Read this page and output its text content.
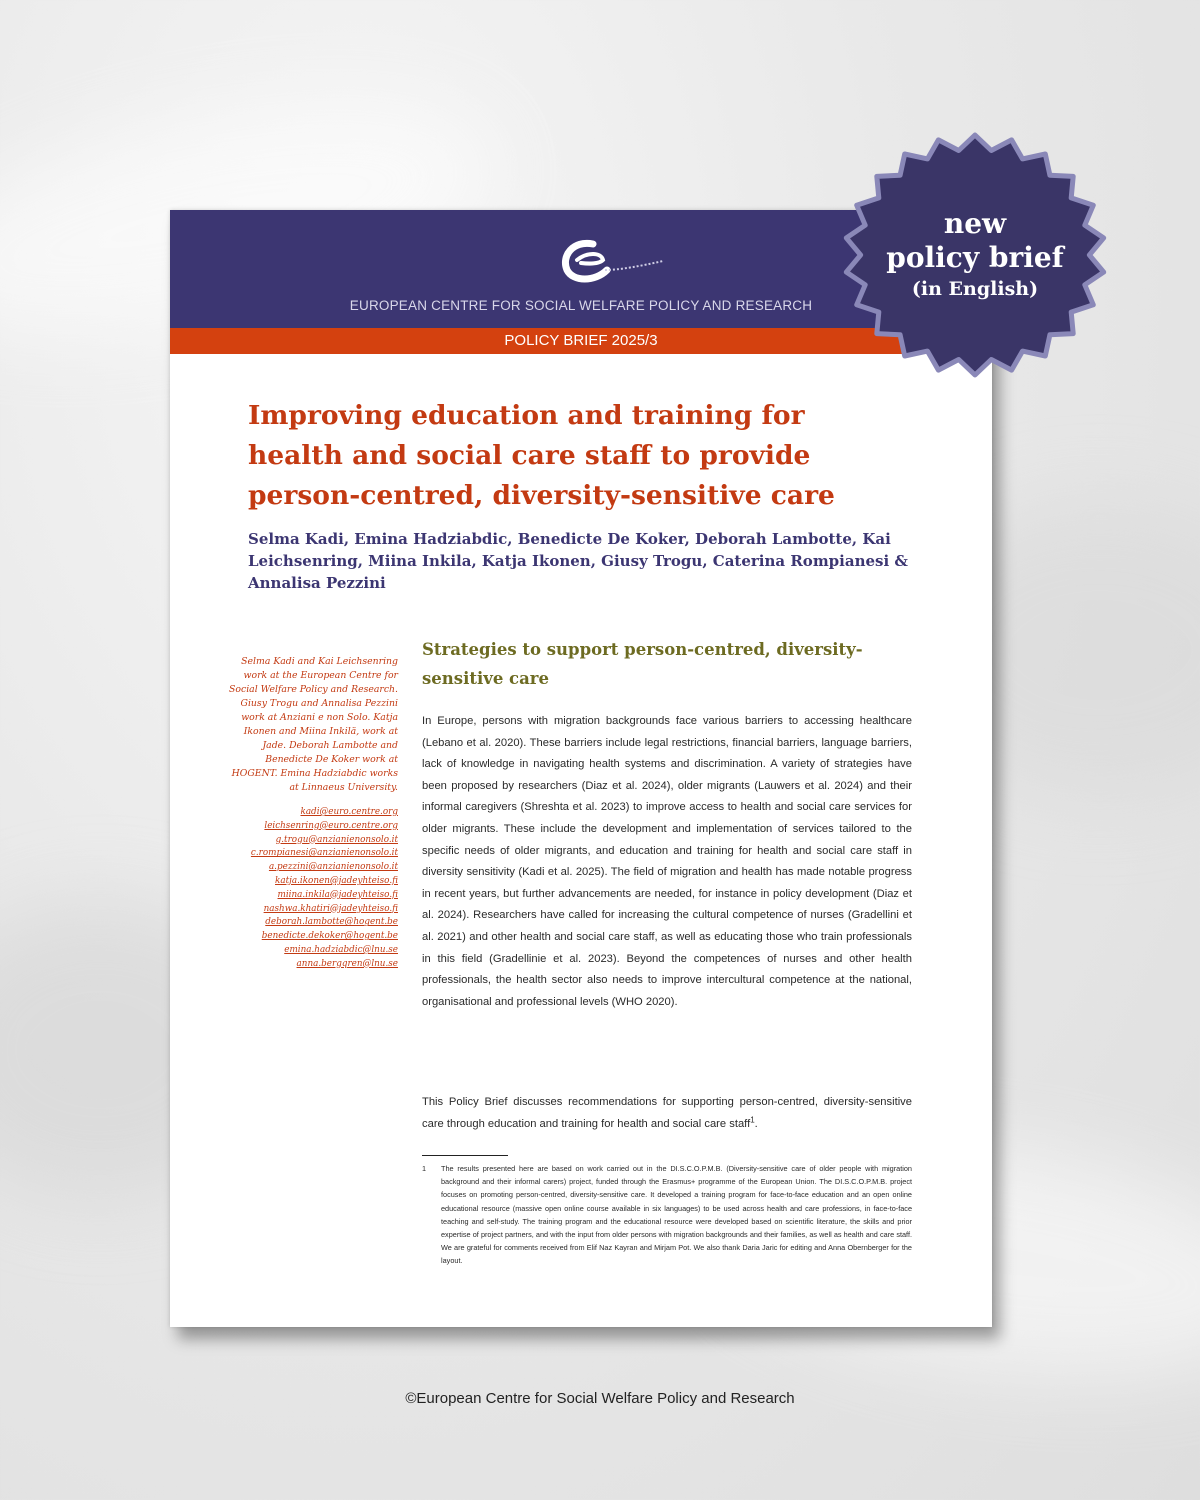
EUROPEAN CENTRE FOR SOCIAL WELFARE POLICY AND RESEARCH
POLICY BRIEF 2025/3
Improving education and training for health and social care staff to provide person-centred, diversity-sensitive care

Selma Kadi, Emina Hadziabdic, Benedicte De Koker, Deborah Lambotte, Kai Leichsenring, Miina Inkila, Katja Ikonen, Giusy Trogu, Caterina Rompianesi & Annalisa Pezzini

Selma Kadi and Kai Leichsenring work at the European Centre for Social Welfare Policy and Research. Giusy Trogu and Annalisa Pezzini work at Anziani e non Solo. Katja Ikonen and Miina Inkilä, work at Jade. Deborah Lambotte and Benedicte De Koker work at HOGENT. Emina Hadziabdic works at Linnaeus University.

kadi@euro.centre.org
leichsenring@euro.centre.org
g.trogu@anzianienonsolo.it
c.rompianesi@anzianienonsolo.it
a.pezzini@anzianienonsolo.it
katja.ikonen@jadeyhteiso.fi
miina.inkila@jadeyhteiso.fi
nashwa.khatiri@jadeyhteiso.fi
deborah.lambotte@hogent.be
benedicte.dekoker@hogent.be
emina.hadziabdic@lnu.se
anna.bergqren@lnu.se
Strategies to support person-centred, diversity-sensitive care

In Europe, persons with migration backgrounds face various barriers to accessing healthcare (Lebano et al. 2020). These barriers include legal restrictions, financial barriers, language barriers, lack of knowledge in navigating health systems and discrimination. A variety of strategies have been proposed by researchers (Diaz et al. 2024), older migrants (Lauwers et al. 2024) and their informal caregivers (Shreshta et al. 2023) to improve access to health and social care services for older migrants. These include the development and implementation of services tailored to the specific needs of older migrants, and education and training for health and social care staff in diversity sensitivity (Kadi et al. 2025). The field of migration and health has made notable progress in recent years, but further advancements are needed, for instance in policy development (Diaz et al. 2024). Researchers have called for increasing the cultural competence of nurses (Gradellini et al. 2021) and other health and social care staff, as well as educating those who train professionals in this field (Gradellinie et al. 2023). Beyond the competences of nurses and other health professionals, the health sector also needs to improve intercultural competence at the national, organisational and professional levels (WHO 2020).

This Policy Brief discusses recommendations for supporting person-centred, diversity-sensitive care through education and training for health and social care staff$^1$.

1 The results presented here are based on work carried out in the DI.S.C.O.P.M.B. (Diversity-sensitive care of older people with migration background and their informal carers) project, funded through the Erasmus+ programme of the European Union. The DI.S.C.O.P.M.B. project focuses on promoting person-centred, diversity-sensitive care. It developed a training program for face-to-face education and an open online educational resource (massive open online course available in six languages) to be used across health and care professions, in face-to-face teaching and self-study. The training program and the educational resource were developed based on scientific literature, the skills and prior expertise of project partners, and with the input from older persons with migration backgrounds and their families, as well as health and care staff. We are grateful for comments received from Elif Naz Kayran and Mirjam Pot. We also thank Daria Jaric for editing and Anna Obernberger for the layout.
new
policy brief
(in English)
©European Centre for Social Welfare Policy and Research
